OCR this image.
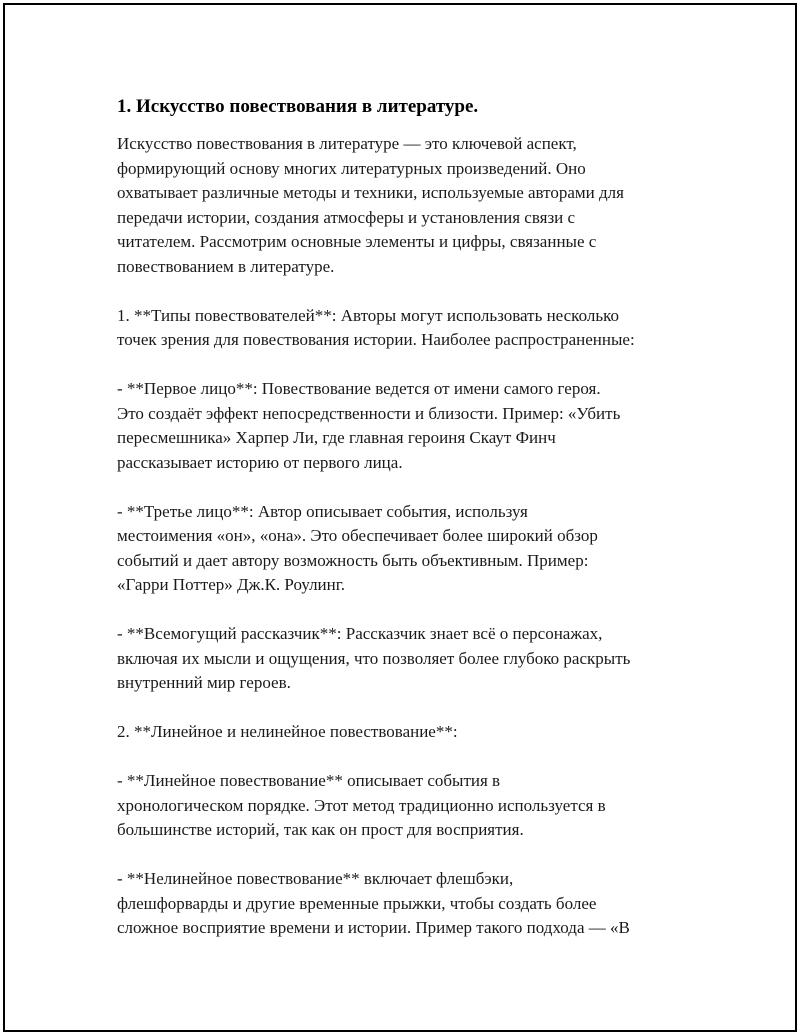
1. Искусство повествования в литературе.

Искусство повествования в литературе — это ключевой аспект,
формирующий основу многих литературных произведений. Оно
охватывает различные методы и техники, используемые авторами для
передачи истории, создания атмосферы и установления связи с
читателем. Рассмотрим основные элементы и цифры, связанные с
повествованием в литературе.

1. **Типы повествователей**: Авторы могут использовать несколько
точек зрения для повествования истории. Наиболее распространенные:

- **Первое лицо**: Повествование ведется от имени самого героя.
Это создаёт эффект непосредственности и близости. Пример: «Убить
пересмешника» Харпер Ли, где главная героиня Скаут Финч
рассказывает историю от первого лица.

- **Третье лицо**: Автор описывает события, используя
местоимения «он», «она». Это обеспечивает более широкий обзор
событий и дает автору возможность быть объективным. Пример:
«Гарри Поттер» Дж.К. Роулинг.

- **Всемогущий рассказчик**: Рассказчик знает всё о персонажах,
включая их мысли и ощущения, что позволяет более глубоко раскрыть
внутренний мир героев.

2. **Линейное и нелинейное повествование**:

- **Линейное повествование** описывает события в
хронологическом порядке. Этот метод традиционно используется в
большинстве историй, так как он прост для восприятия.

- **Нелинейное повествование** включает флешбэки,
флешфорварды и другие временные прыжки, чтобы создать более
сложное восприятие времени и истории. Пример такого подхода — «В
